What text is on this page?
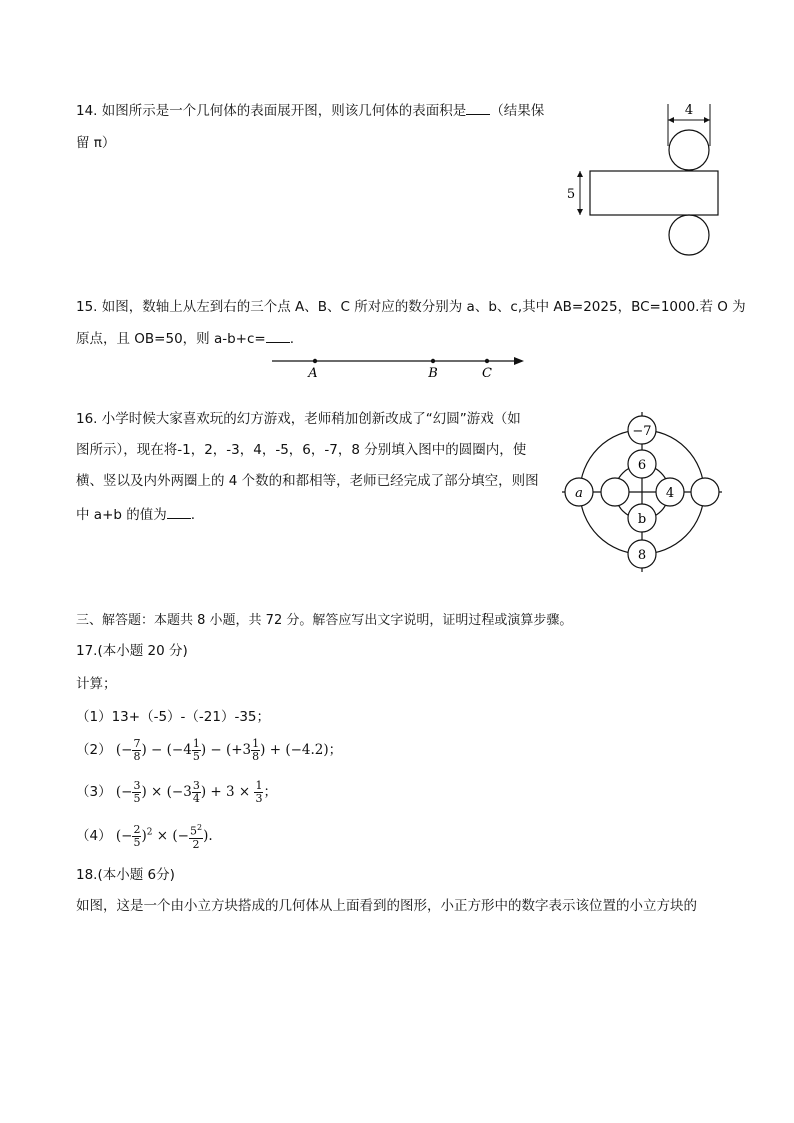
14. 如图所示是一个几何体的表面展开图，则该几何体的表面积是 （结果保
留 π）
4
5
15. 如图，数轴上从左到右的三个点 A、B、C 所对应的数分别为 a、b、c,其中 AB=2025，BC=1000.若 O 为
原点，且 OB=50，则 a-b+c= .
A	B	C
16. 小学时候大家喜欢玩的幻方游戏，老师稍加创新改成了“幻圆”游戏（如
图所示），现在将-1，2，-3，4，-5，6，-7，8 分别填入图中的圆圈内，使
横、竖以及内外两圈上的 4 个数的和都相等，老师已经完成了部分填空，则图
中 a+b 的值为 .
−7
6
4
b
a
8
三、解答题：本题共 8 小题，共 72 分。解答应写出文字说明，证明过程或演算步骤。
17.(本小题 20 分)
计算；
（1）13+（-5）-（-21）-35；
（2） (− $\frac{7}{8}$ ) − ($-4 \frac{1}{5}$ ) − ($+3 \frac{1}{8}$ ) + (−4.2)；
（3） (− $\frac{3}{5}$ ) × ($-3 \frac{3}{4}$ ) + $3 \times \frac{1}{3}$ ；
（4） (− $\frac{2}{5} )^2$ × (− $\frac{5^2}{2}$ ).
18.(本小题 6分)
如图，这是一个由小立方块搭成的几何体从上面看到的图形，小正方形中的数字表示该位置的小立方块的
